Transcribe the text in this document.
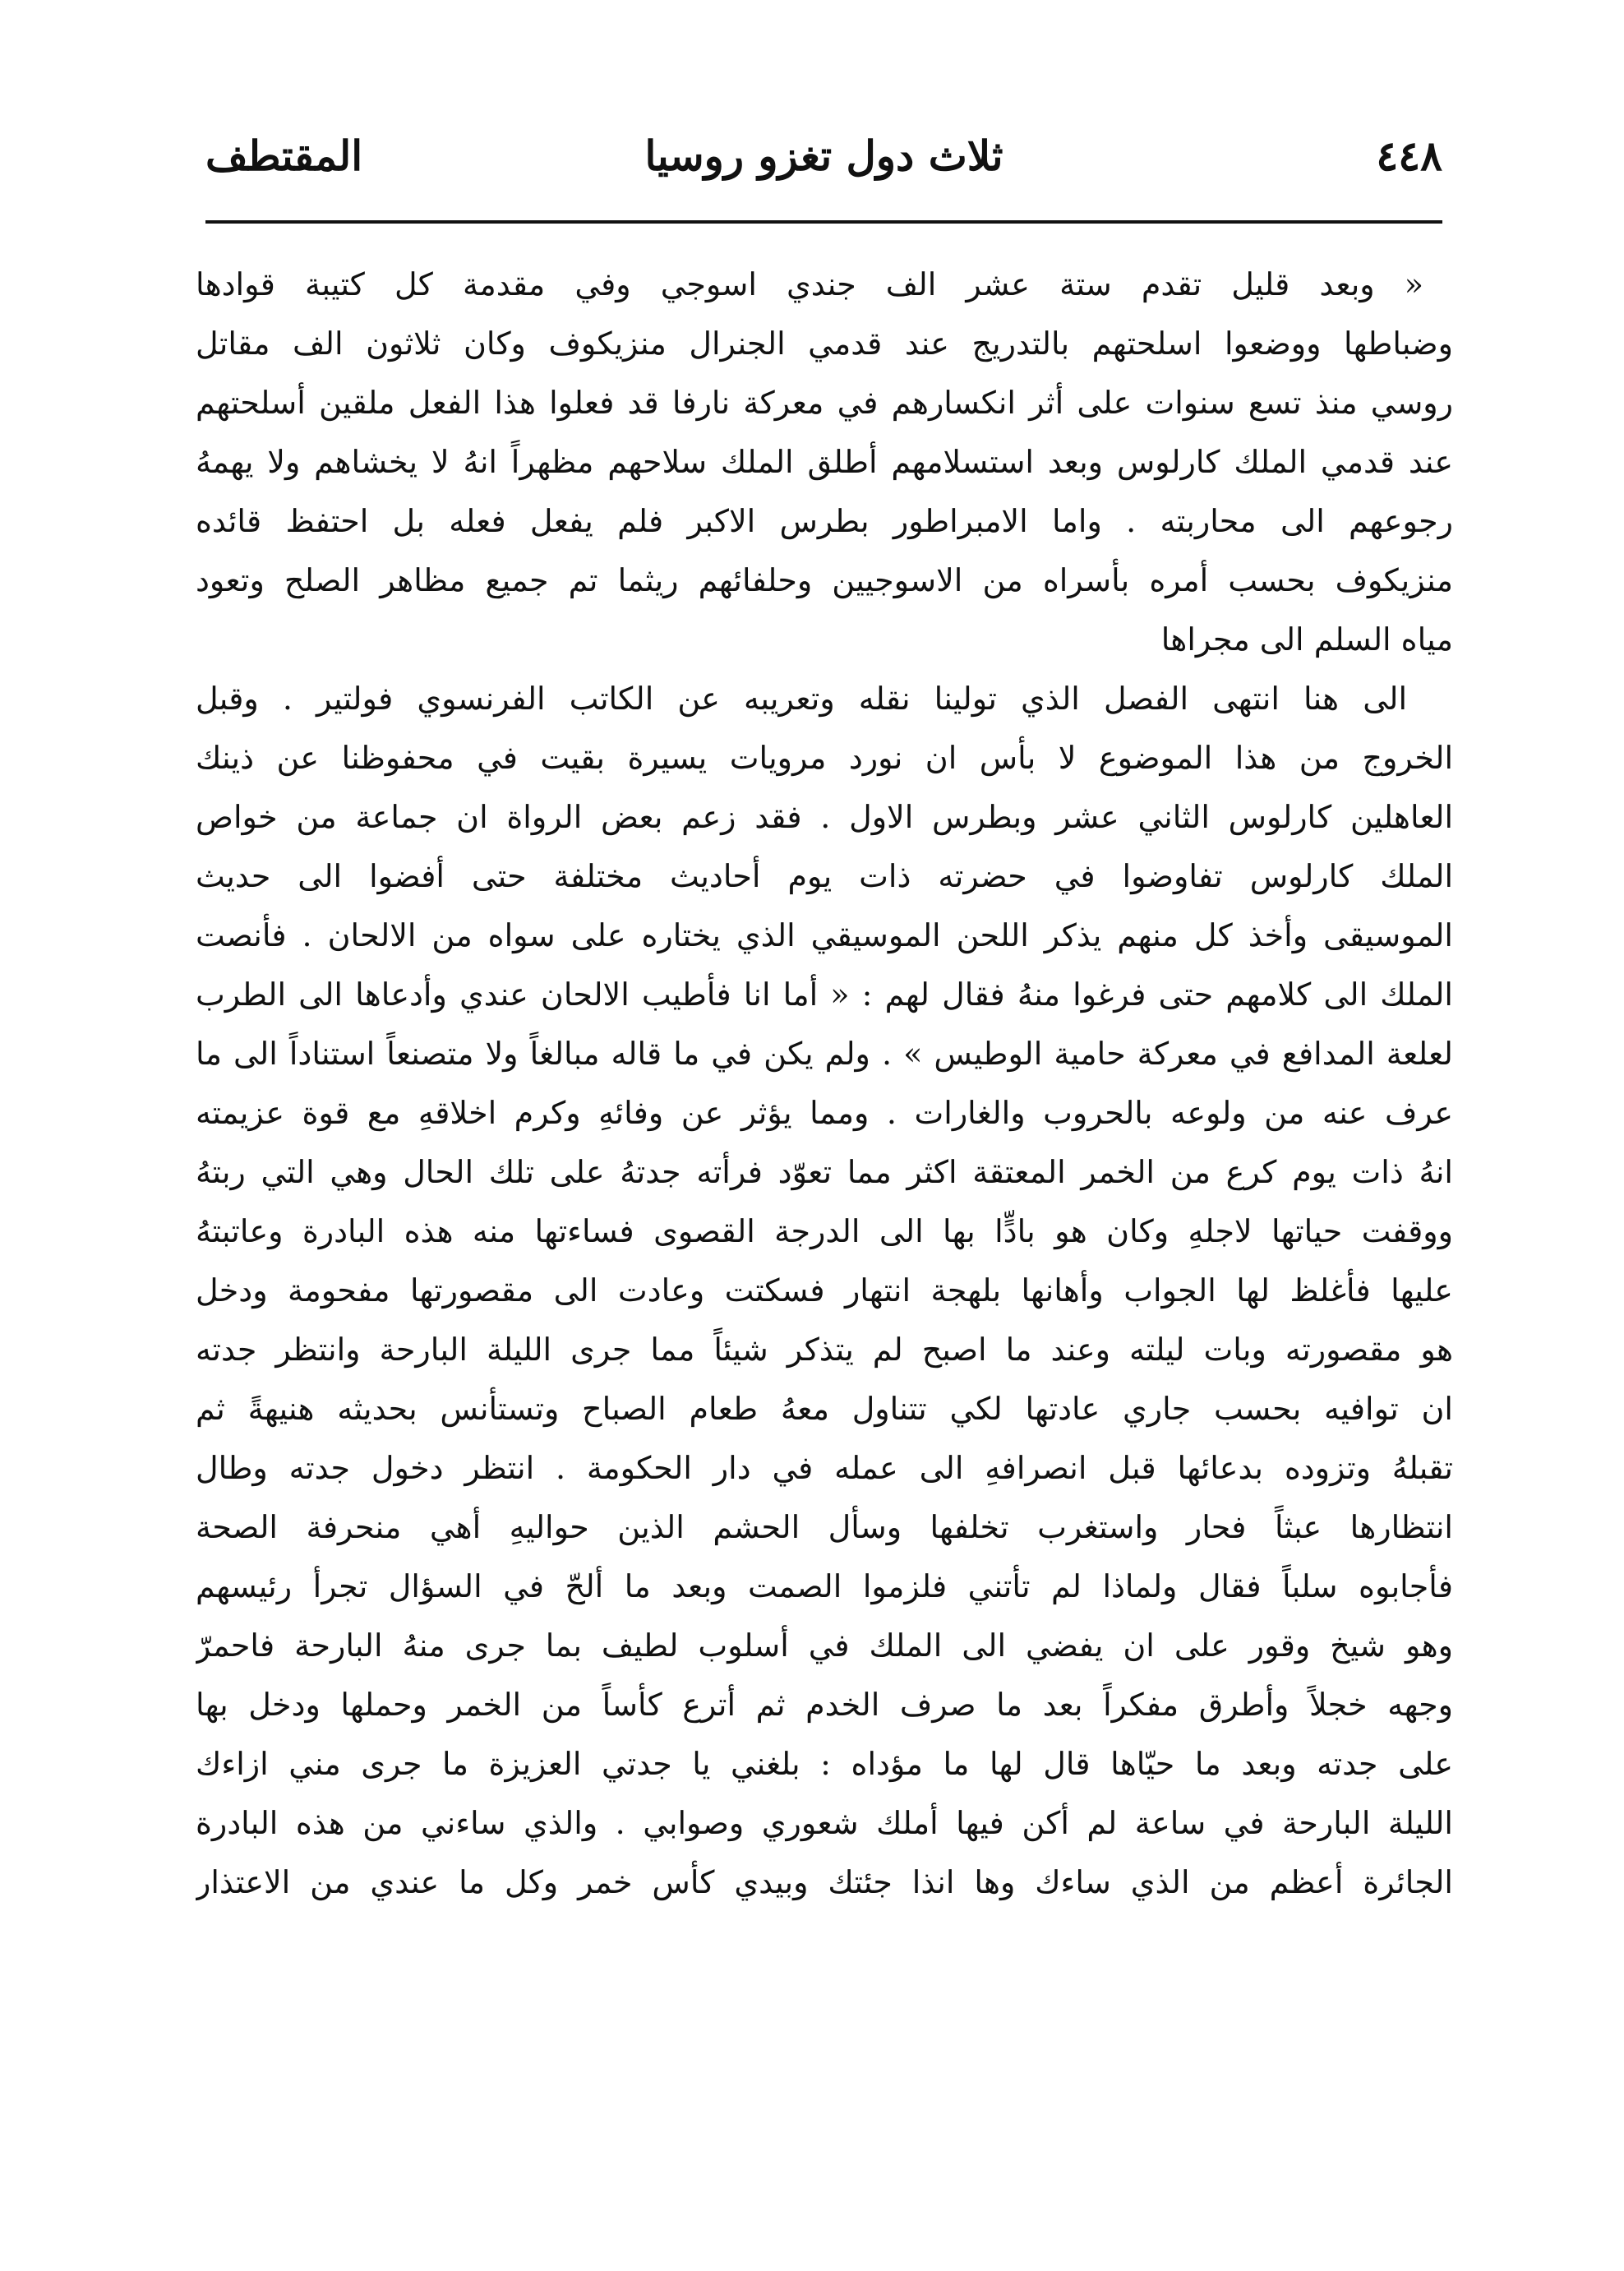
٤٤٨
ثلاث دول تغزو روسيا
المقتطف
« وبعد قليل تقدم ستة عشر الف جندي اسوجي وفي مقدمة كل كتيبة قوادها
وضباطها ووضعوا اسلحتهم بالتدريج عند قدمي الجنرال منزيكوف وكان ثلاثون الف مقاتل
روسي منذ تسع سنوات على أثر انكسارهم في معركة نارفا قد فعلوا هذا الفعل ملقين أسلحتهم
عند قدمي الملك كارلوس وبعد استسلامهم أطلق الملك سلاحهم مظهراً انهُ لا يخشاهم ولا يهمهُ
رجوعهم الى محاربته . واما الامبراطور بطرس الاكبر فلم يفعل فعله بل احتفظ قائده
منزيكوف بحسب أمره بأسراه من الاسوجيين وحلفائهم ريثما تم جميع مظاهر الصلح وتعود
مياه السلم الى مجراها
الى هنا انتهى الفصل الذي تولينا نقله وتعريبه عن الكاتب الفرنسوي فولتير . وقبل
الخروج من هذا الموضوع لا بأس ان نورد مرويات يسيرة بقيت في محفوظنا عن ذينك
العاهلين كارلوس الثاني عشر وبطرس الاول . فقد زعم بعض الرواة ان جماعة من خواص
الملك كارلوس تفاوضوا في حضرته ذات يوم أحاديث مختلفة حتى أفضوا الى حديث
الموسيقى وأخذ كل منهم يذكر اللحن الموسيقي الذي يختاره على سواه من الالحان . فأنصت
الملك الى كلامهم حتى فرغوا منهُ فقال لهم : « أما انا فأطيب الالحان عندي وأدعاها الى الطرب
لعلعة المدافع في معركة حامية الوطيس » . ولم يكن في ما قاله مبالغاً ولا متصنعاً استناداً الى ما
عرف عنه من ولوعه بالحروب والغارات . ومما يؤثر عن وفائهِ وكرم اخلاقهِ مع قوة عزيمته
انهُ ذات يوم كرع من الخمر المعتقة اكثر مما تعوّد فرأته جدتهُ على تلك الحال وهي التي ربتهُ
ووقفت حياتها لاجلهِ وكان هو بادٍّا بها الى الدرجة القصوى فساءتها منه هذه البادرة وعاتبتهُ
عليها فأغلظ لها الجواب وأهانها بلهجة انتهار فسكتت وعادت الى مقصورتها مفحومة ودخل
هو مقصورته وبات ليلته وعند ما اصبح لم يتذكر شيئاً مما جرى الليلة البارحة وانتظر جدته
ان توافيه بحسب جاري عادتها لكي تتناول معهُ طعام الصباح وتستأنس بحديثه هنيهةً ثم
تقبلهُ وتزوده بدعائها قبل انصرافهِ الى عمله في دار الحكومة . انتظر دخول جدته وطال
انتظارها عبثاً فحار واستغرب تخلفها وسأل الحشم الذين حواليهِ أهي منحرفة الصحة
فأجابوه سلباً فقال ولماذا لم تأتني فلزموا الصمت وبعد ما ألحّ في السؤال تجرأ رئيسهم
وهو شيخ وقور على ان يفضي الى الملك في أسلوب لطيف بما جرى منهُ البارحة فاحمرّ
وجهه خجلاً وأطرق مفكراً بعد ما صرف الخدم ثم أترع كأساً من الخمر وحملها ودخل بها
على جدته وبعد ما حيّاها قال لها ما مؤداه : بلغني يا جدتي العزيزة ما جرى مني ازاءك
الليلة البارحة في ساعة لم أكن فيها أملك شعوري وصوابي . والذي ساءني من هذه البادرة
الجائرة أعظم من الذي ساءك وها انذا جئتك وبيدي كأس خمر وكل ما عندي من الاعتذار
